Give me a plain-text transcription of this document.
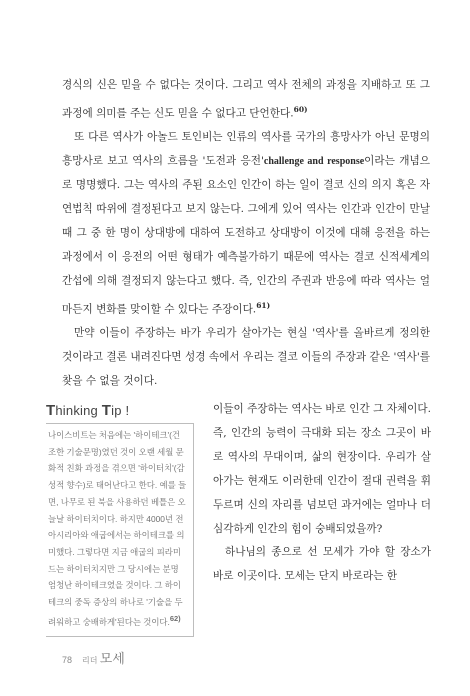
경식의 신은 믿을 수 없다는 것이다. 그리고 역사 전체의 과정을 지배하고 또 그 과정에 의미를 주는 신도 믿을 수 없다고 단언한다.$^{60)}$

또 다른 역사가 아놀드 토인비는 인류의 역사를 국가의 흥망사가 아닌 문명의 흥망사로 보고 역사의 흐름을 '도전과 응전'challenge and response이라는 개념으로 명명했다. 그는 역사의 주된 요소인 인간이 하는 일이 결코 신의 의지 혹은 자연법칙 따위에 결정된다고 보지 않는다. 그에게 있어 역사는 인간과 인간이 만날 때 그 중 한 명이 상대방에 대하여 도전하고 상대방이 이것에 대해 응전을 하는 과정에서 이 응전의 어떤 형태가 예측불가하기 때문에 역사는 결코 신적세계의 간섭에 의해 결정되지 않는다고 했다. 즉, 인간의 주권과 반응에 따라 역사는 얼마든지 변화를 맞이할 수 있다는 주장이다.$^{61)}$

만약 이들이 주장하는 바가 우리가 살아가는 현실 '역사'를 올바르게 정의한 것이라고 결론 내려진다면 성경 속에서 우리는 결코 이들의 주장과 같은 '역사'를 찾을 수 없을 것이다.

Thinking Tip !
나이스비트는 처음에는 '하이테크'(건조한 기술문명)였던 것이 오랜 세월 문화적 친화 과정을 겪으면 '하이터치'(감성적 향수)로 태어난다고 한다. 예를 들면, 나무로 된 북을 사용하던 베틀은 오늘날 하이터치이다. 하지만 4000년 전 아시리아와 애굽에서는 하이테크를 의미했다. 그렇다면 지금 애굽의 피라미드는 하이터치지만 그 당시에는 분명 엄청난 하이테크였을 것이다. 그 하이테크의 중독 증상의 하나로 '기술을 두려워하고 숭배하게'된다는 것이다.62)

이들이 주장하는 역사는 바로 인간 그 자체이다. 즉, 인간의 능력이 극대화 되는 장소 그곳이 바로 역사의 무대이며, 삶의 현장이다. 우리가 살아가는 현재도 이러한데 인간이 절대 권력을 휘두르며 신의 자리를 넘보던 과거에는 얼마나 더 심각하게 인간의 힘이 숭배되었을까?

하나님의 종으로 선 모세가 가야 할 장소가 바로 이곳이다. 모세는 단지 바로라는 한

78 리더 모세
